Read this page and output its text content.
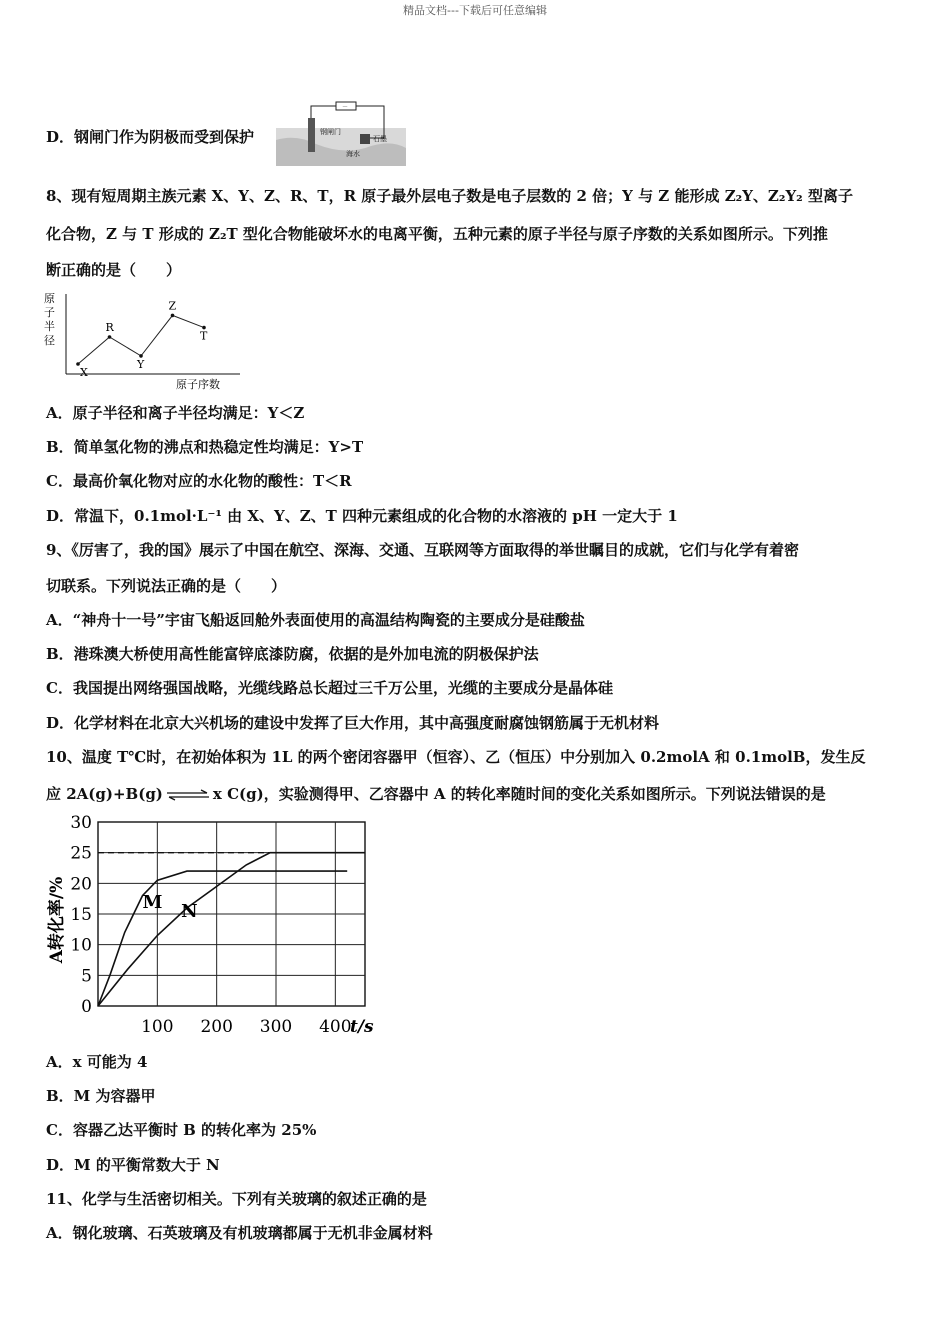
精品文档---下载后可任意编辑
D．钢闸门作为阴极而受到保护
－
钢闸门
石墨
海水
8、现有短周期主族元素 X、Y、Z、R、T，R 原子最外层电子数是电子层数的 2 倍；Y 与 Z 能形成 Z₂Y、Z₂Y₂ 型离子
化合物，Z 与 T 形成的 Z₂T 型化合物能破坏水的电离平衡，五种元素的原子半径与原子序数的关系如图所示。下列推
断正确的是（　　）
原
子
半
径
原子序数
X
R
Y
Z
T
A．原子半径和离子半径均满足：Y＜Z
B．简单氢化物的沸点和热稳定性均满足：Y>T
C．最高价氧化物对应的水化物的酸性：T＜R
D．常温下，0.1mol·L⁻¹ 由 X、Y、Z、T 四种元素组成的化合物的水溶液的 pH 一定大于 1
9、《厉害了，我的国》展示了中国在航空、深海、交通、互联网等方面取得的举世瞩目的成就，它们与化学有着密
切联系。下列说法正确的是（　　）
A．“神舟十一号”宇宙飞船返回舱外表面使用的高温结构陶瓷的主要成分是硅酸盐
B．港珠澳大桥使用高性能富锌底漆防腐，依据的是外加电流的阴极保护法
C．我国提出网络强国战略，光缆线路总长超过三千万公里，光缆的主要成分是晶体硅
D．化学材料在北京大兴机场的建设中发挥了巨大作用，其中高强度耐腐蚀钢筋属于无机材料
10、温度 T℃时，在初始体积为 1L 的两个密闭容器甲（恒容）、乙（恒压）中分别加入 0.2molA 和 0.1molB，发生反
应 2A(g)+B(g) ⇌ x C(g)，实验测得甲、乙容器中 A 的转化率随时间的变化关系如图所示。下列说法错误的是
0
5
10
15
20
25
30
100 200 300 400
M N
A转化率/%
t/s
A．x 可能为 4
B．M 为容器甲
C．容器乙达平衡时 B 的转化率为 25%
D．M 的平衡常数大于 N
11、化学与生活密切相关。下列有关玻璃的叙述正确的是
A．钢化玻璃、石英玻璃及有机玻璃都属于无机非金属材料
